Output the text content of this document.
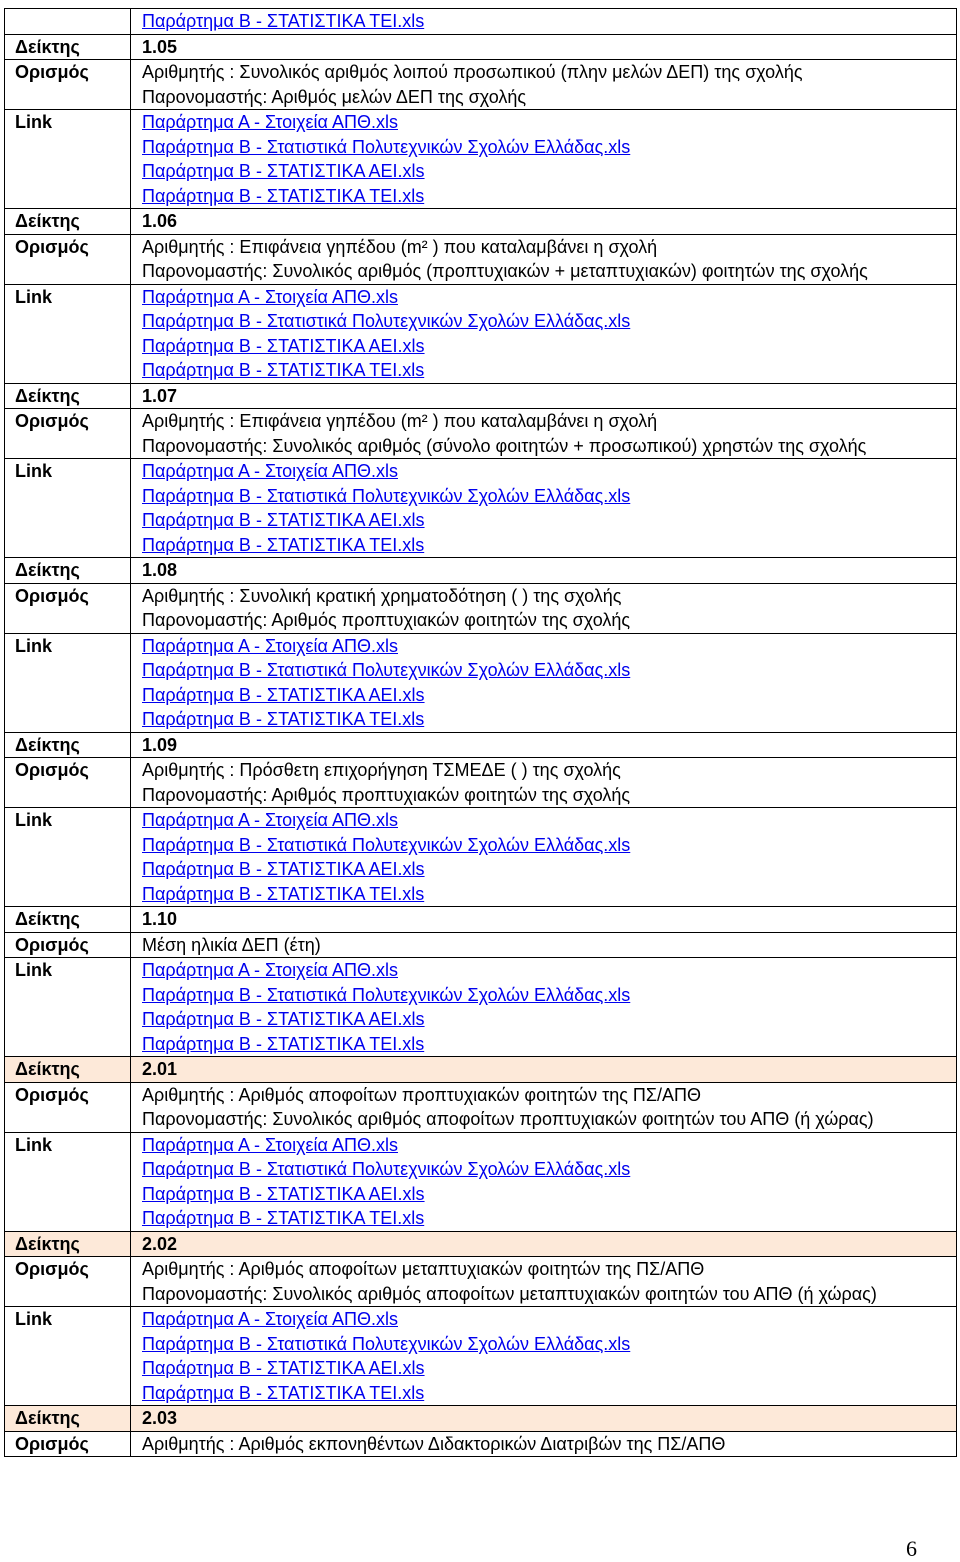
	Παράρτημα Β - ΣΤΑΤΙΣΤΙΚΑ ΤΕΙ.xls
Δείκτης	1.05
Ορισμός	Αριθμητής : Συνολικός αριθμός λοιπού προσωπικού (πλην μελών ΔΕΠ) της σχολής
Παρονομαστής: Αριθμός μελών ΔΕΠ της σχολής

Link	Παράρτημα Α - Στοιχεία ΑΠΘ.xls
Παράρτημα Β - Στατιστικά Πολυτεχνικών Σχολών Ελλάδας.xls
Παράρτημα Β - ΣΤΑΤΙΣΤΙΚΑ ΑΕΙ.xls
Παράρτημα Β - ΣΤΑΤΙΣΤΙΚΑ ΤΕΙ.xls

Δείκτης	1.06
Ορισμός	Αριθμητής : Επιφάνεια γηπέδου (m² ) που καταλαμβάνει η σχολή
Παρονομαστής: Συνολικός αριθμός (προπτυχιακών + μεταπτυχιακών) φοιτητών της σχολής

Link	Παράρτημα Α - Στοιχεία ΑΠΘ.xls
Παράρτημα Β - Στατιστικά Πολυτεχνικών Σχολών Ελλάδας.xls
Παράρτημα Β - ΣΤΑΤΙΣΤΙΚΑ ΑΕΙ.xls
Παράρτημα Β - ΣΤΑΤΙΣΤΙΚΑ ΤΕΙ.xls

Δείκτης	1.07
Ορισμός	Αριθμητής : Επιφάνεια γηπέδου (m² ) που καταλαμβάνει η σχολή
Παρονομαστής: Συνολικός αριθμός (σύνολο φοιτητών + προσωπικού) χρηστών της σχολής

Link	Παράρτημα Α - Στοιχεία ΑΠΘ.xls
Παράρτημα Β - Στατιστικά Πολυτεχνικών Σχολών Ελλάδας.xls
Παράρτημα Β - ΣΤΑΤΙΣΤΙΚΑ ΑΕΙ.xls
Παράρτημα Β - ΣΤΑΤΙΣΤΙΚΑ ΤΕΙ.xls

Δείκτης	1.08
Ορισμός	Αριθμητής : Συνολική κρατική χρηματοδότηση ( ) της σχολής
Παρονομαστής: Αριθμός προπτυχιακών φοιτητών της σχολής

Link	Παράρτημα Α - Στοιχεία ΑΠΘ.xls
Παράρτημα Β - Στατιστικά Πολυτεχνικών Σχολών Ελλάδας.xls
Παράρτημα Β - ΣΤΑΤΙΣΤΙΚΑ ΑΕΙ.xls
Παράρτημα Β - ΣΤΑΤΙΣΤΙΚΑ ΤΕΙ.xls

Δείκτης	1.09
Ορισμός	Αριθμητής : Πρόσθετη επιχορήγηση ΤΣΜΕΔΕ ( ) της σχολής
Παρονομαστής: Αριθμός προπτυχιακών φοιτητών της σχολής

Link	Παράρτημα Α - Στοιχεία ΑΠΘ.xls
Παράρτημα Β - Στατιστικά Πολυτεχνικών Σχολών Ελλάδας.xls
Παράρτημα Β - ΣΤΑΤΙΣΤΙΚΑ ΑΕΙ.xls
Παράρτημα Β - ΣΤΑΤΙΣΤΙΚΑ ΤΕΙ.xls

Δείκτης	1.10
Ορισμός	Μέση ηλικία ΔΕΠ (έτη)

Link	Παράρτημα Α - Στοιχεία ΑΠΘ.xls
Παράρτημα Β - Στατιστικά Πολυτεχνικών Σχολών Ελλάδας.xls
Παράρτημα Β - ΣΤΑΤΙΣΤΙΚΑ ΑΕΙ.xls
Παράρτημα Β - ΣΤΑΤΙΣΤΙΚΑ ΤΕΙ.xls

Δείκτης	2.01
Ορισμός	Αριθμητής : Αριθμός αποφοίτων προπτυχιακών φοιτητών της ΠΣ/ΑΠΘ
Παρονομαστής: Συνολικός αριθμός αποφοίτων προπτυχιακών φοιτητών του ΑΠΘ (ή χώρας)

Link	Παράρτημα Α - Στοιχεία ΑΠΘ.xls
Παράρτημα Β - Στατιστικά Πολυτεχνικών Σχολών Ελλάδας.xls
Παράρτημα Β - ΣΤΑΤΙΣΤΙΚΑ ΑΕΙ.xls
Παράρτημα Β - ΣΤΑΤΙΣΤΙΚΑ ΤΕΙ.xls

Δείκτης	2.02
Ορισμός	Αριθμητής : Αριθμός αποφοίτων μεταπτυχιακών φοιτητών της ΠΣ/ΑΠΘ
Παρονομαστής: Συνολικός αριθμός αποφοίτων μεταπτυχιακών φοιτητών του ΑΠΘ (ή χώρας)

Link	Παράρτημα Α - Στοιχεία ΑΠΘ.xls
Παράρτημα Β - Στατιστικά Πολυτεχνικών Σχολών Ελλάδας.xls
Παράρτημα Β - ΣΤΑΤΙΣΤΙΚΑ ΑΕΙ.xls
Παράρτημα Β - ΣΤΑΤΙΣΤΙΚΑ ΤΕΙ.xls

Δείκτης	2.03
Ορισμός	Αριθμητής : Αριθμός εκπονηθέντων Διδακτορικών Διατριβών της ΠΣ/ΑΠΘ
6
